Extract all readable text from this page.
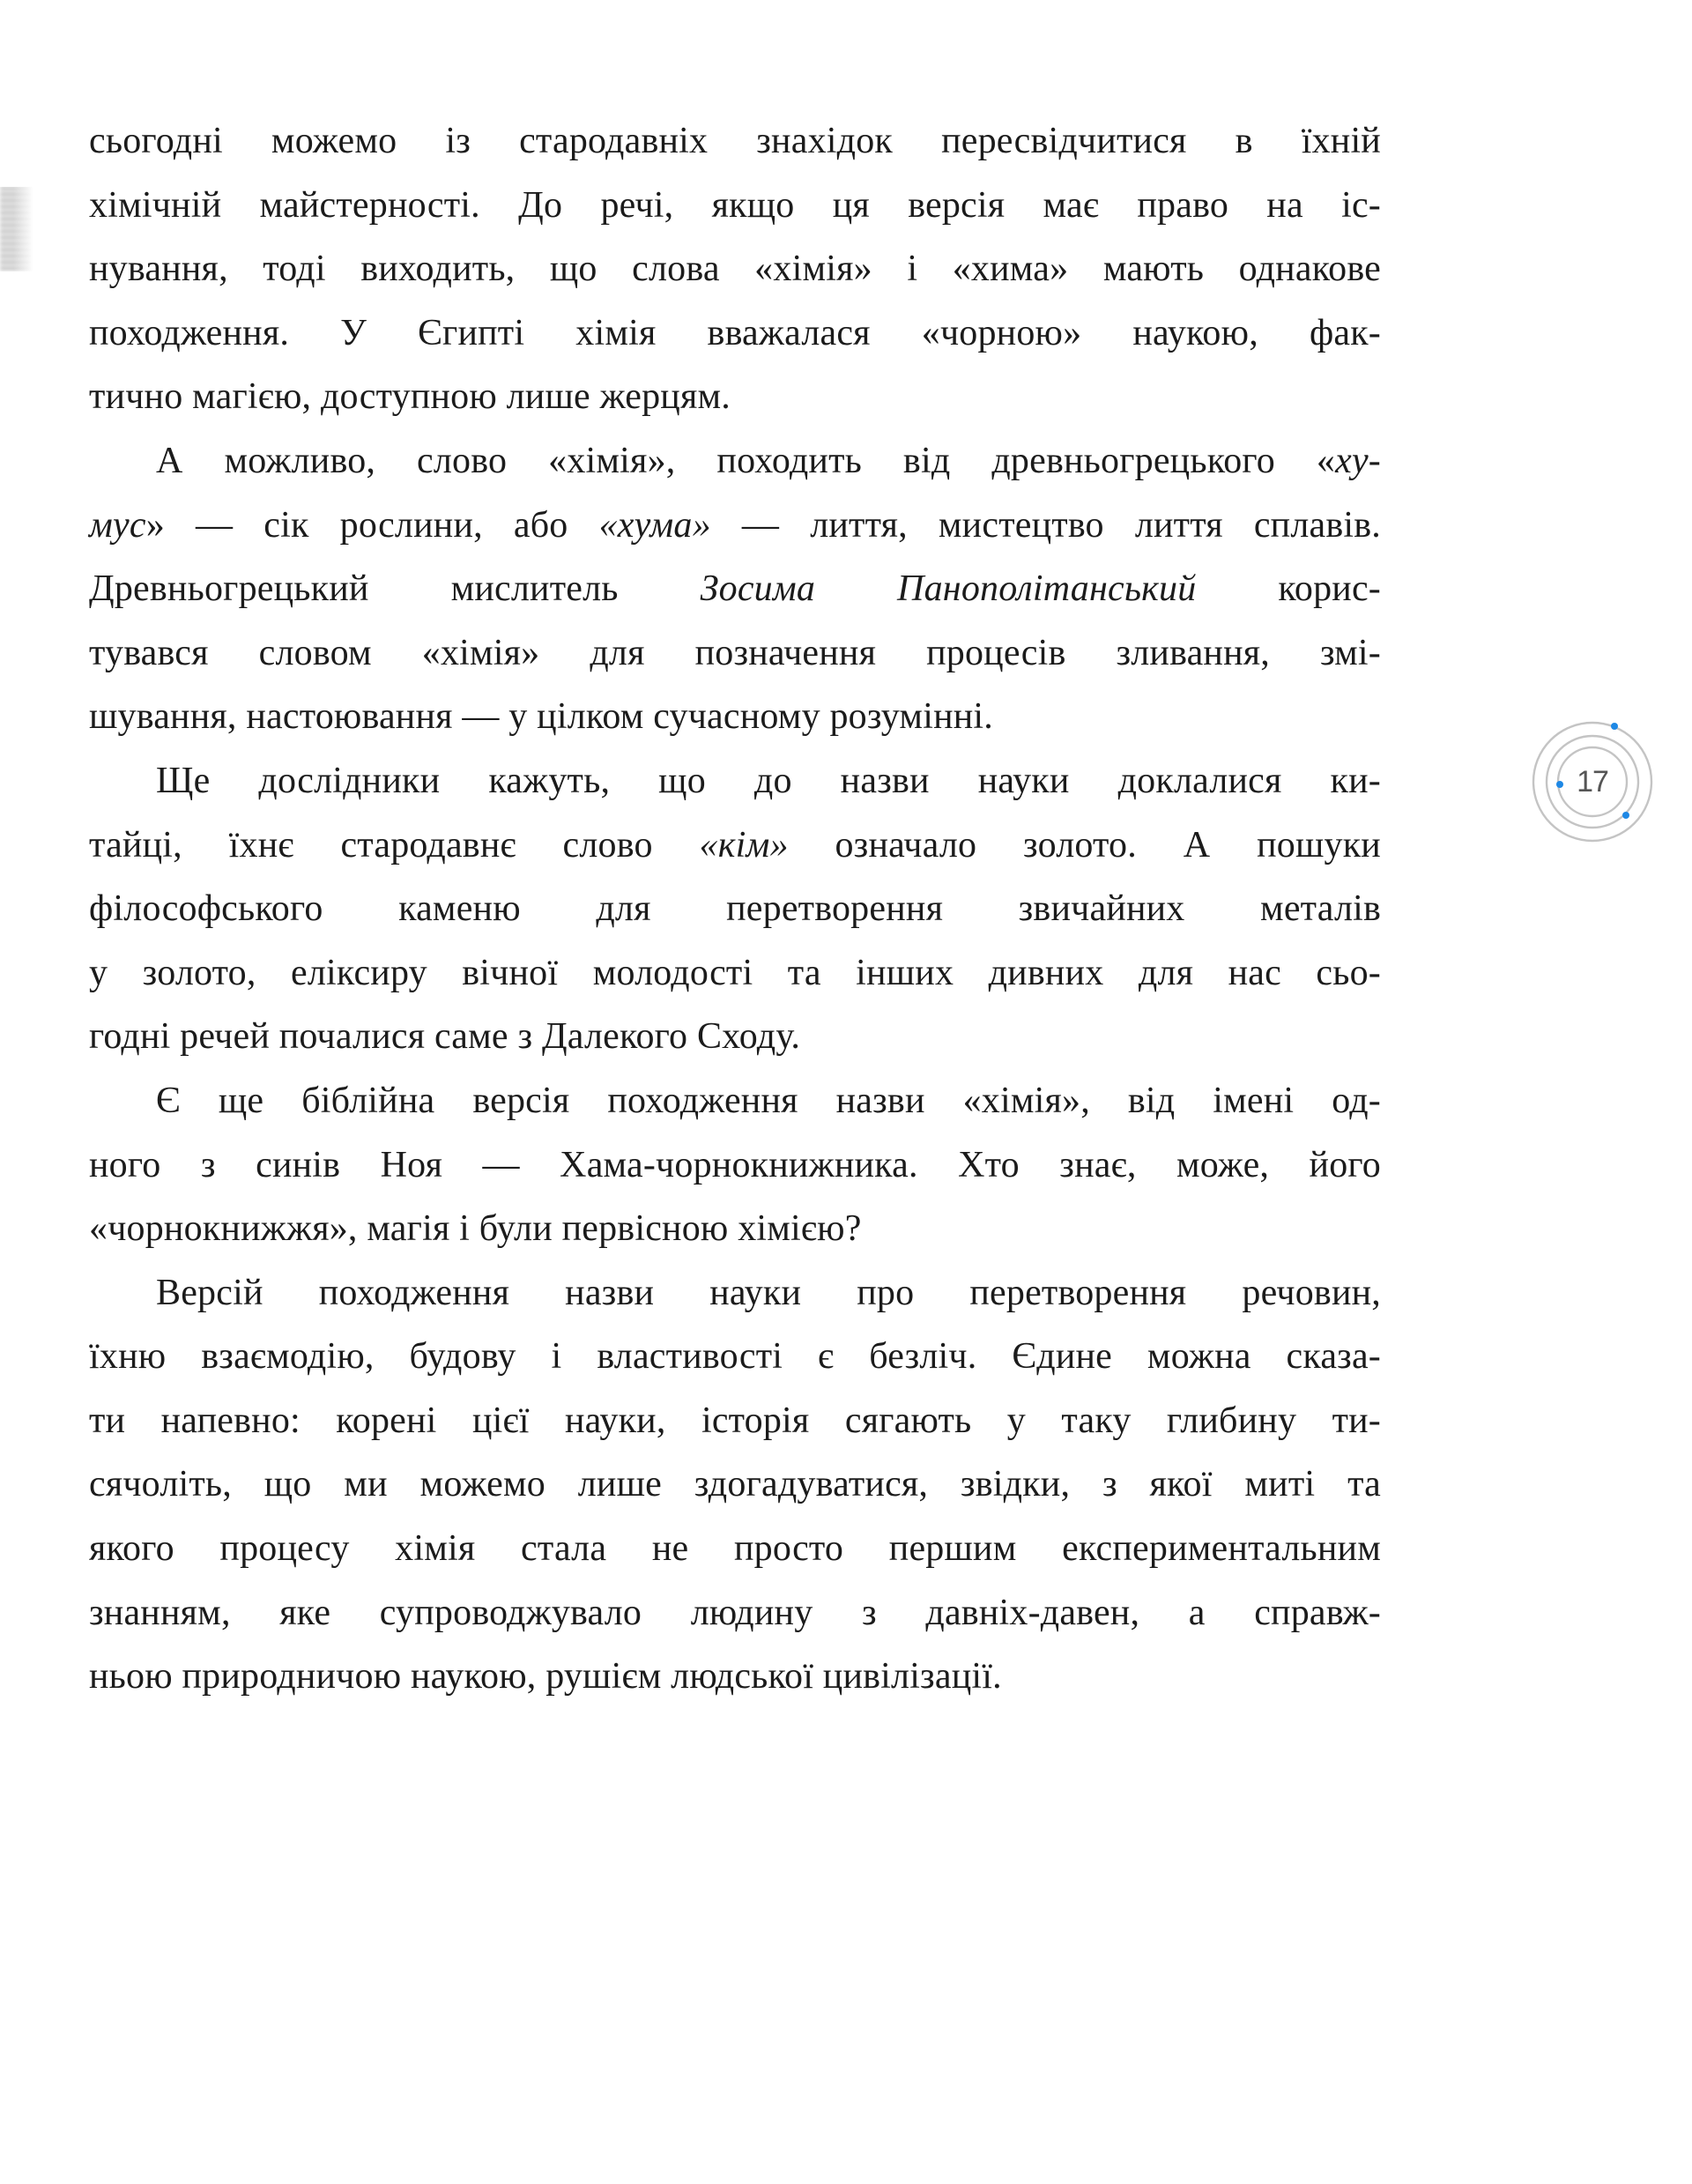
сьогодні можемо із стародавніх знахідок пересвідчитися в їхній
хімічній майстерності. До речі, якщо ця версія має право на іс-
нування, тоді виходить, що слова «хімія» і «хима» мають однакове
походження. У Єгипті хімія вважалася «чорною» наукою, фак-
тично магією, доступною лише жерцям.
А можливо, слово «хімія», походить від древньогрецького «ху-
мус» — сік рослини, або «хума» — лиття, мистецтво лиття сплавів.
Древньогрецький мислитель Зосима Панополітанський корис-
тувався словом «хімія» для позначення процесів зливання, змі-
шування, настоювання — у цілком сучасному розумінні.
Ще дослідники кажуть, що до назви науки доклалися ки-
тайці, їхнє стародавнє слово «кім» означало золото. А пошуки
філософського каменю для перетворення звичайних металів
у золото, еліксиру вічної молодості та інших дивних для нас сьо-
годні речей почалися саме з Далекого Сходу.
Є ще біблійна версія походження назви «хімія», від імені од-
ного з синів Ноя — Хама-чорнокнижника. Хто знає, може, його
«чорнокнижжя», магія і були первісною хімією?
Версій походження назви науки про перетворення речовин,
їхню взаємодію, будову і властивості є безліч. Єдине можна сказа-
ти напевно: корені цієї науки, історія сягають у таку глибину ти-
сячоліть, що ми можемо лише здогадуватися, звідки, з якої миті та
якого процесу хімія стала не просто першим експериментальним
знанням, яке супроводжувало людину з давніх-давен, а справж-
ньою природничою наукою, рушієм людської цивілізації.
17
